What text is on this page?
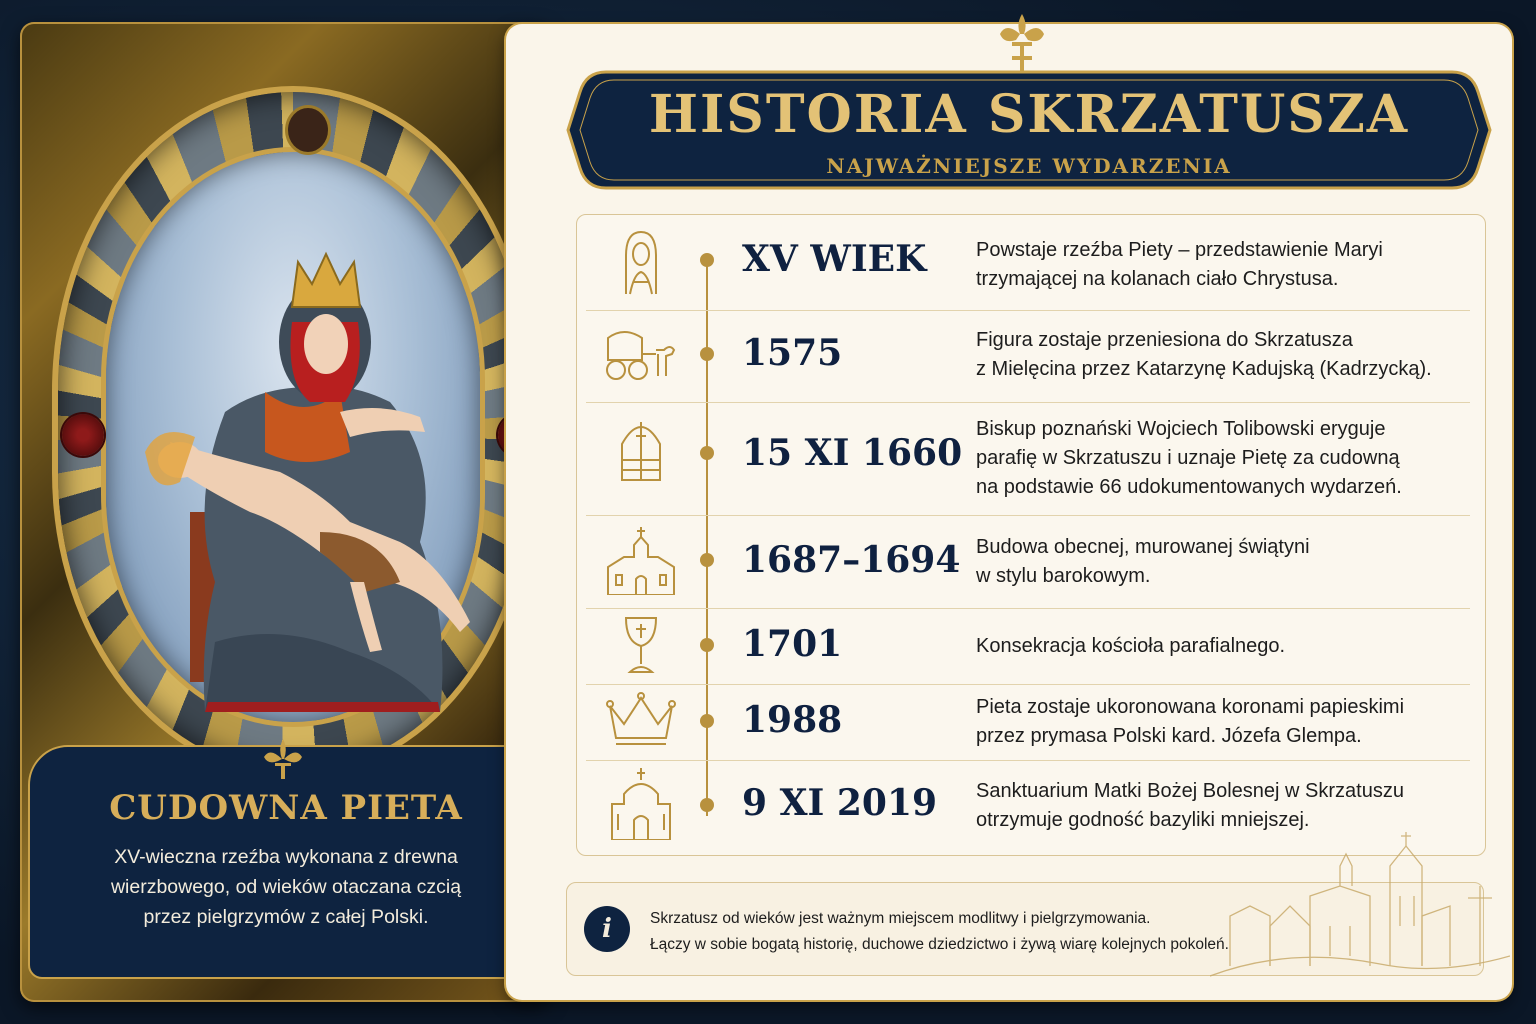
CUDOWNA PIETA
XV-wieczna rzeźba wykonana z drewna
wierzbowego, od wieków otaczana czcią
przez pielgrzymów z całej Polski.
HISTORIA SKRZATUSZA
NAJWAŻNIEJSZE WYDARZENIA
XV WIEK Powstaje rzeźba Piety – przedstawienie Maryi
trzymającej na kolanach ciało Chrystusa.
1575	Figura zostaje przeniesiona do Skrzatusza
z Mielęcina przez Katarzynę Kadujską (Kadrzycką).
15 XI 1660
Biskup poznański Wojciech Tolibowski eryguje
parafię w Skrzatuszu i uznaje Pietę za cudowną
na podstawie 66 udokumentowanych wydarzeń.
1687–1694 Budowa obecnej, murowanej świątyni
w stylu barokowym.
1701	Konsekracja kościoła parafialnego.
1988	Pieta zostaje ukoronowana koronami papieskimi
przez prymasa Polski kard. Józefa Glempa.
9 XI 2019 Sanktuarium Matki Bożej Bolesnej w Skrzatuszu
otrzymuje godność bazyliki mniejszej.
i	Skrzatusz od wieków jest ważnym miejscem modlitwy i pielgrzymowania.
Łączy w sobie bogatą historię, duchowe dziedzictwo i żywą wiarę kolejnych pokoleń.
